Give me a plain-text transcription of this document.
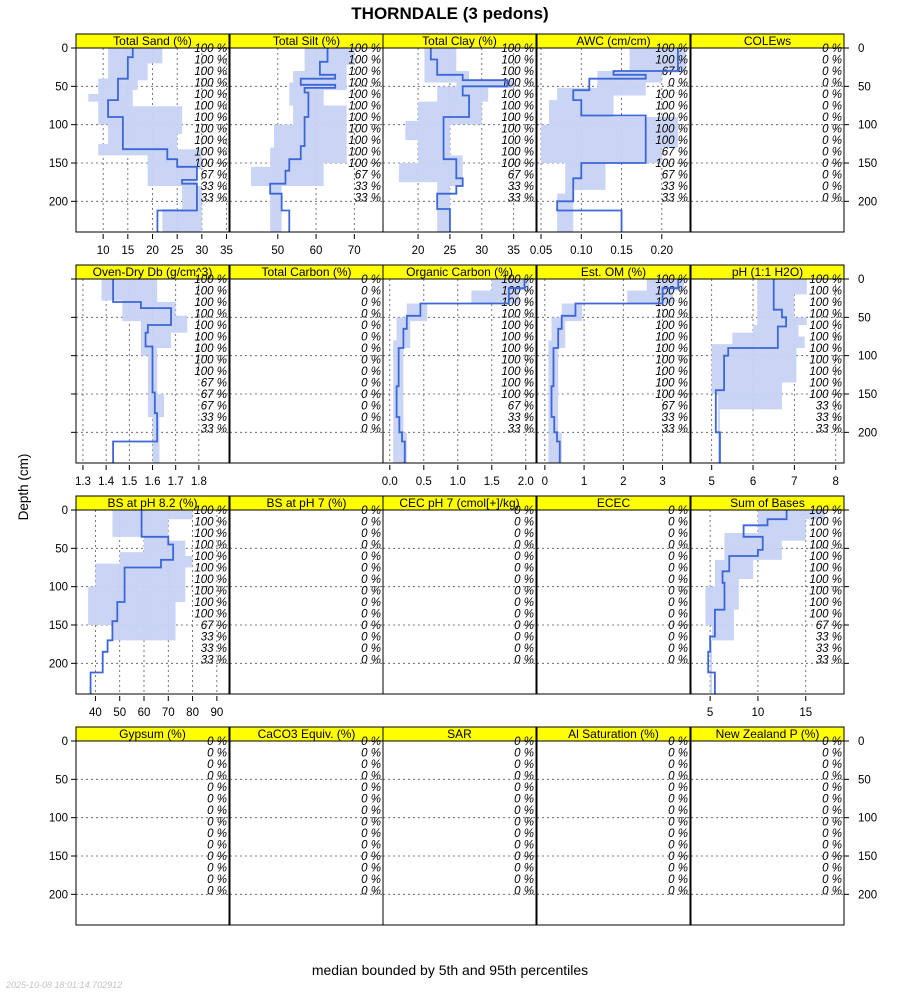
THORNDALE (3 pedons)
Depth (cm)
Total Sand (%)
100 %
100 %
100 %
100 %
100 %
100 %
100 %
100 %
100 %
100 %
100 %
67 %
33 %
33 %
0
50
100
150
200
10 15 20 25 30 35
Total Silt (%)
100 %
100 %
100 %
100 %
100 %
100 %
100 %
100 %
100 %
100 %
100 %
67 %
33 %
33 %
50 60 70
Total Clay (%)
100 %
100 %
100 %
100 %
100 %
100 %
100 %
100 %
100 %
100 %
100 %
67 %
33 %
33 %
20 25 30 35
AWC (cm/cm)
100 %
100 %
67 %
0 %
100 %
100 %
100 %
100 %
100 %
67 %
100 %
67 %
33 %
33 %
0.05 0.10 0.15 0.20
COLEws
0 %
0 %
0 %
0 %
0 %
0 %
0 %
0 %
0 %
0 %
0 %
0 %
0 %
0 %
0
50
100
150
200
Oven-Dry Db (g/cm^3)
100 %
100 %
100 %
100 %
100 %
100 %
100 %
100 %
100 %
67 %
67 %
67 %
33 %
33 %
1.3 1.4 1.5 1.6 1.7 1.8
Total Carbon (%)
0 %
0 %
0 %
0 %
0 %
0 %
0 %
0 %
0 %
0 %
0 %
0 %
0 %
0 %
Organic Carbon (%)
100 %
100 %
100 %
100 %
100 %
100 %
100 %
100 %
100 %
100 %
100 %
67 %
33 %
33 %
0.0 0.5 1.0 1.5 2.0
Est. OM (%)
100 %
100 %
100 %
100 %
100 %
100 %
100 %
100 %
100 %
100 %
100 %
67 %
33 %
33 %
0	1	2	3
pH (1:1 H2O)
100 %
100 %
100 %
100 %
100 %
100 %
100 %
100 %
100 %
100 %
100 %
33 %
33 %
33 %
0
50
100
150
200
5	6	7	8
BS at pH 8.2 (%)
100 %
100 %
100 %
100 %
100 %
100 %
100 %
100 %
100 %
100 %
67 %
33 %
33 %
33 %
0
50
100
150
200
40 50 60 70 80 90
BS at pH 7 (%)
0 %
0 %
0 %
0 %
0 %
0 %
0 %
0 %
0 %
0 %
0 %
0 %
0 %
0 %
CEC pH 7 (cmol[+]/kg)
0 %
0 %
0 %
0 %
0 %
0 %
0 %
0 %
0 %
0 %
0 %
0 %
0 %
0 %
ECEC
0 %
0 %
0 %
0 %
0 %
0 %
0 %
0 %
0 %
0 %
0 %
0 %
0 %
0 %
Sum of Bases
100 %
100 %
100 %
100 %
100 %
100 %
100 %
100 %
100 %
100 %
67 %
33 %
33 %
33 %
5	10	15
Gypsum (%)
0 %
0 %
0 %
0 %
0 %
0 %
0 %
0 %
0 %
0 %
0 %
0 %
0 %
0 %
0
50
100
150
200
CaCO3 Equiv. (%)
0 %
0 %
0 %
0 %
0 %
0 %
0 %
0 %
0 %
0 %
0 %
0 %
0 %
0 %
SAR
0 %
0 %
0 %
0 %
0 %
0 %
0 %
0 %
0 %
0 %
0 %
0 %
0 %
0 %
Al Saturation (%)
0 %
0 %
0 %
0 %
0 %
0 %
0 %
0 %
0 %
0 %
0 %
0 %
0 %
0 %
New Zealand P (%)
0 %
0 %
0 %
0 %
0 %
0 %
0 %
0 %
0 %
0 %
0 %
0 %
0 %
0 %
0
50
100
150
200
median bounded by 5th and 95th percentiles
2025-10-08 18:01:14.702912
